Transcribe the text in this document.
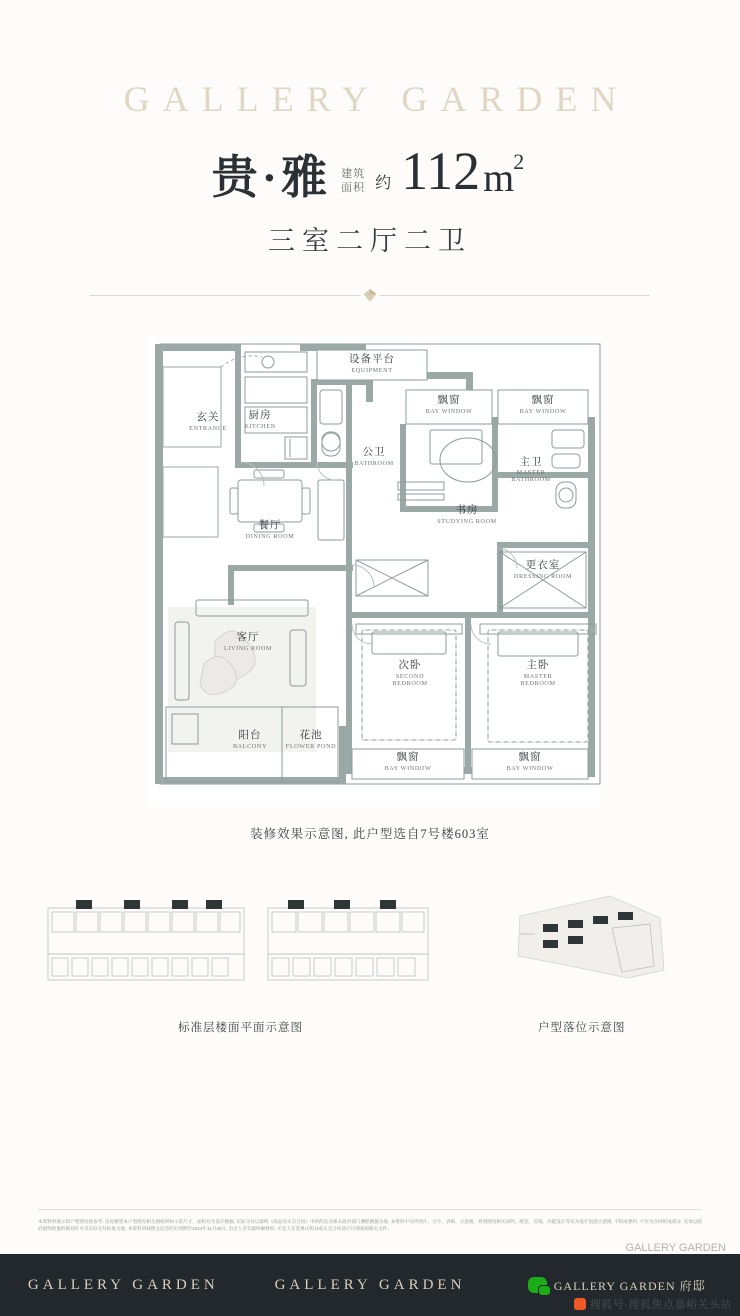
GALLERY GARDEN
贵·雅 建筑
面积 约 112 m 2
三室二厅二卫
玄关
ENTRANCE
厨房
KITCHEN
设备平台
EQUIPMENT
飘窗
BAY WINDOW
飘窗
BAY WINDOW
公卫
BATHROOM	主卫
MASTER BATHROOM
书房
STUDYING ROOM
餐厅
DINING ROOM
更衣室
DRESSING ROOM
客厅
LIVING ROOM
次卧
SECOND BEDROOM
主卧
MASTER BEDROOM
飘窗
BAY WINDOW
飘窗
BAY WINDOW
阳台
BALCONY
花池
FLOWER POND
装修效果示意图, 此户型选自7号楼603室
标准层楼面平面示意图	户型落位示意图
本资料所展示的户型图仅供参考, 房屋模型本户型图及相关图纸所标示的尺寸、面积均为设计数据, 实际交付以最终《商品房买卖合同》中的约定及相关政府部门测绘数据为准; 本资料中宣传图片、文字、表格、示意图、效果图及相关说明、配套、渲染、功能设计等仅为设计创意示意图, 不构成要约, 不作为合同组成部分, 具体以政府最终批准的规划许可及实际交付标准为准; 本资料所载图文信息的有效期至2024年11月30日, 出卖人享有最终解释权; 买受人在签署认购书或买卖合同前应仔细查阅相关文件。
GALLERY GARDEN
GALLERY GARDEN	GALLERY GARDEN	GALLERY GARDEN 府邸
搜狐号·搜狐焦点嘉峪关头站
